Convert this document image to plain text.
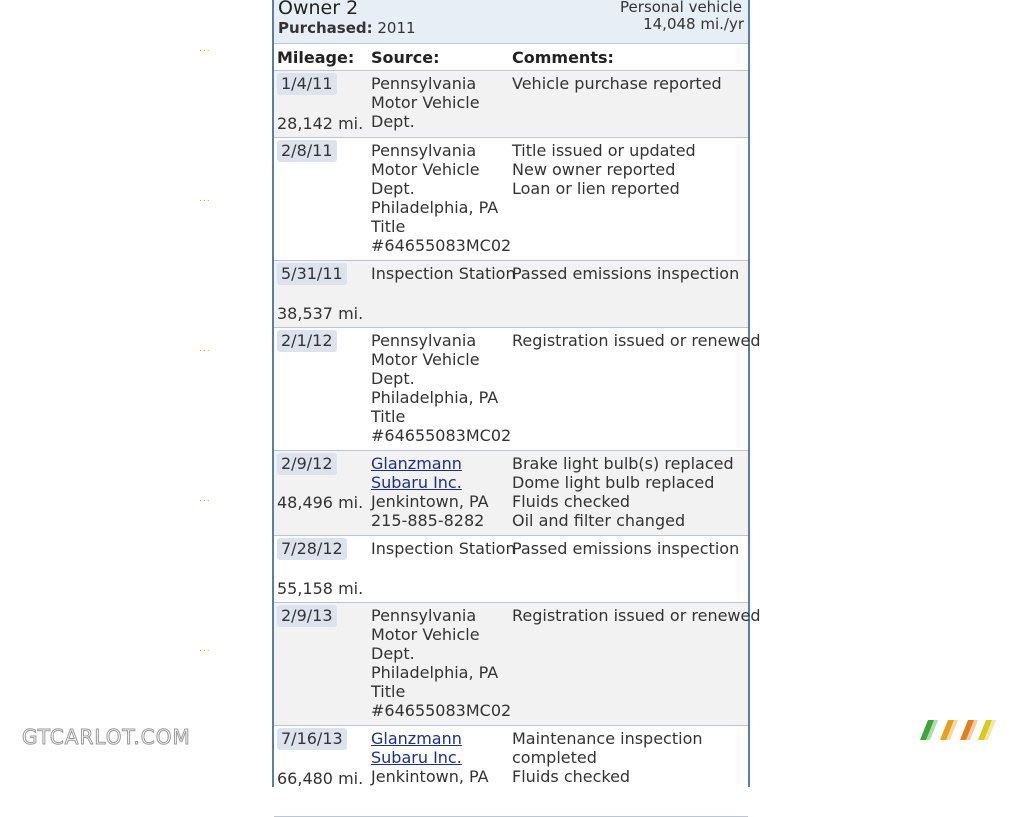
Owner 2
Purchased: 2011
Personal vehicle
14,048 mi./yr
Mileage: Source:	Comments:
1/4/11
28,142 mi.
Pennsylvania
Motor Vehicle
Dept.
Vehicle purchase reported
2/8/11 Pennsylvania
Motor Vehicle
Dept.
Philadelphia, PA
Title
#64655083MC02
Title issued or updated
New owner reported
Loan or lien reported
5/31/11
38,537 mi.
Inspection Station
Passed emissions inspection
2/1/12 Pennsylvania
Motor Vehicle
Dept.
Philadelphia, PA
Title
#64655083MC02
Registration issued or renewed
2/9/12
48,496 mi.
Glanzmann
Subaru Inc.
Jenkintown, PA
215-885-8282
Brake light bulb(s) replaced
Dome light bulb replaced
Fluids checked
Oil and filter changed
7/28/12
55,158 mi.
Inspection Station
Passed emissions inspection
2/9/13 Pennsylvania
Motor Vehicle
Dept.
Philadelphia, PA
Title
#64655083MC02
Registration issued or renewed
7/16/13
66,480 mi.
Glanzmann
Subaru Inc.
Jenkintown, PA
Maintenance inspection
completed
Fluids checked
...
...
...
...
...
GTCARLOT.COM
